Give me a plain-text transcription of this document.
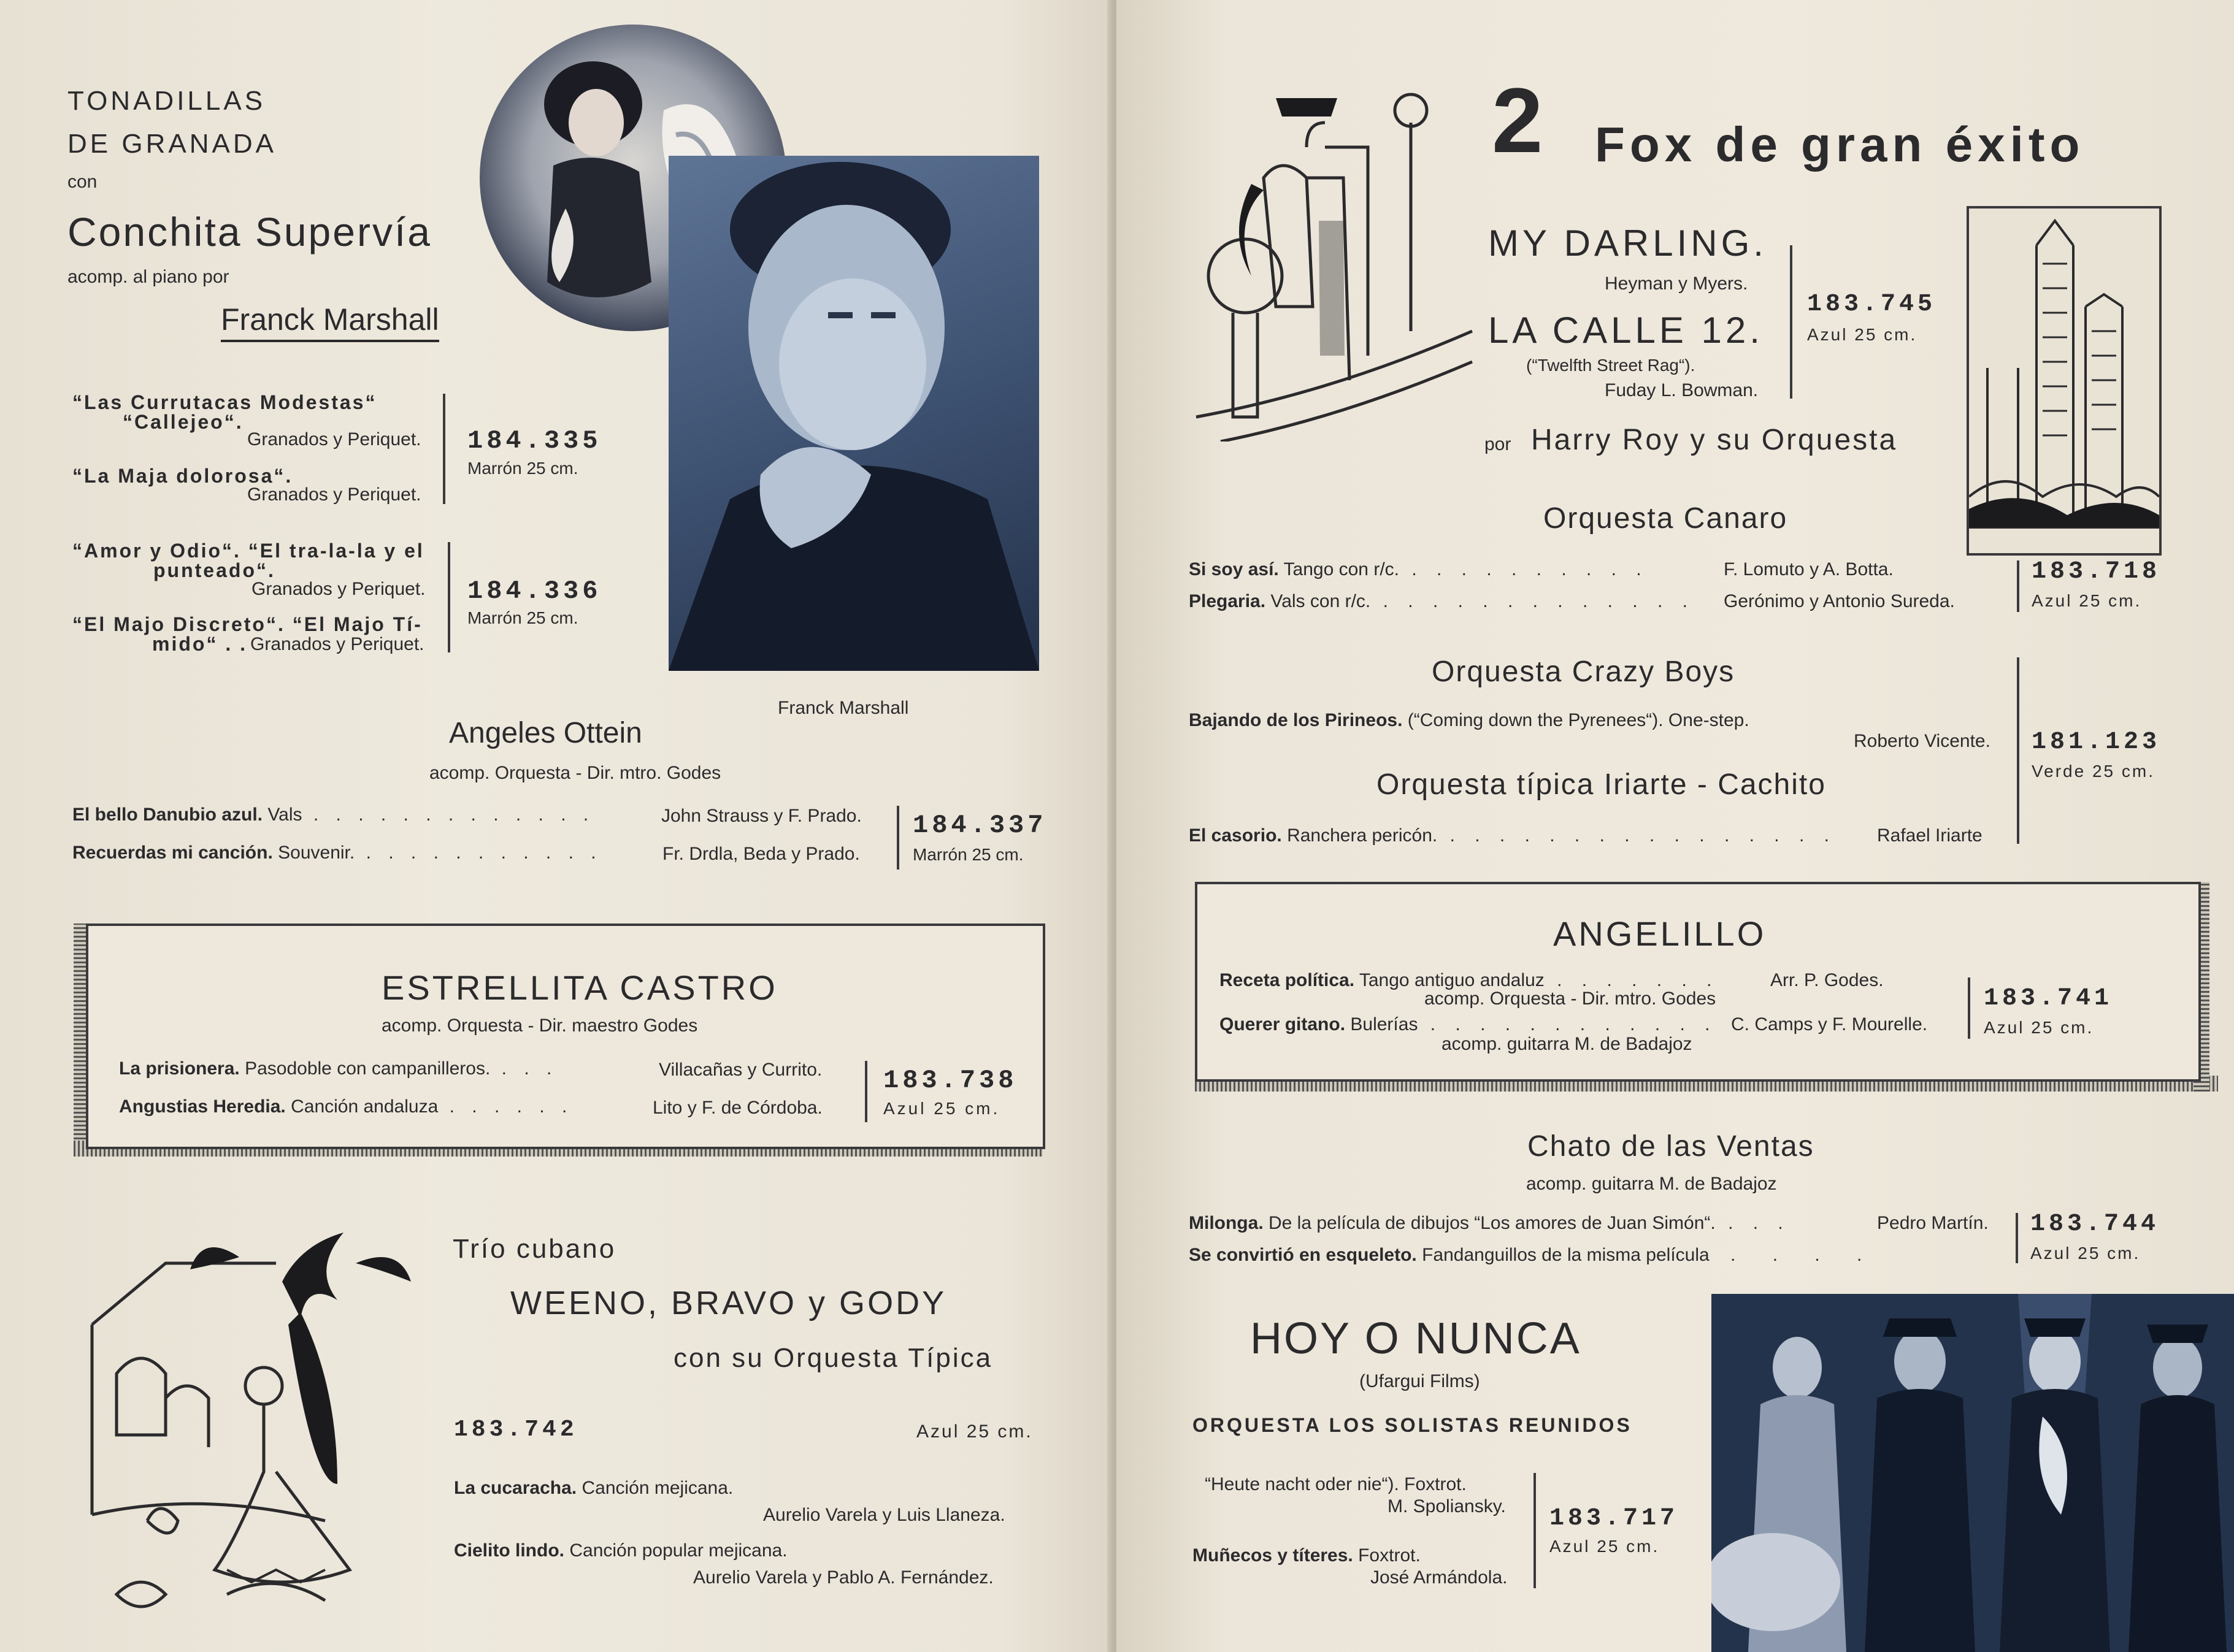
TONADILLAS
DE GRANADA
con
Conchita Supervía
acomp. al piano por
Franck Marshall
“Las Currutacas Modestas“
“Callejeo“.
Granados y Periquet.
“La Maja dolorosa“.
Granados y Periquet.
184.335
Marrón 25 cm.
“Amor y Odio“. “El tra-la-la y el
punteado“.
Granados y Periquet.
“El Majo Discreto“. “El Majo Tí-
mido“ . . Granados y Periquet.
184.336
Marrón 25 cm.
Franck Marshall
Angeles Ottein
acomp. Orquesta - Dir. mtro. Godes
El bello Danubio azul. Vals . . . . . . . . . . . . .	John Strauss y F. Prado.
Recuerdas mi canción. Souvenir. . . . . . . . . . . .	Fr. Drdla, Beda y Prado.
184.337
Marrón 25 cm.
ESTRELLITA CASTRO
acomp. Orquesta - Dir. maestro Godes
La prisionera. Pasodoble con campanilleros. . . .	Villacañas y Currito.
Angustias Heredia. Canción andaluza . . . . . .	Lito y F. de Córdoba.
183.738
Azul 25 cm.
Trío cubano
WEENO, BRAVO y GODY
con su Orquesta Típica
183.742	Azul 25 cm.
La cucaracha. Canción mejicana.
Aurelio Varela y Luis Llaneza.
Cielito lindo. Canción popular mejicana.
Aurelio Varela y Pablo A. Fernández.
2 Fox de gran éxito
MY DARLING.
Heyman y Myers.
LA CALLE 12.
(“Twelfth Street Rag“).
Fuday L. Bowman.
183.745
Azul 25 cm.
por Harry Roy y su Orquesta
Orquesta Canaro
Si soy así. Tango con r/c. . . . . . . . . . .	F. Lomuto y A. Botta.
Plegaria. Vals con r/c. . . . . . . . . . . . . . Gerónimo y Antonio Sureda.
183.718
Azul 25 cm.
Orquesta Crazy Boys
Bajando de los Pirineos. (“Coming down the Pyrenees“). One-step.
Roberto Vicente.
Orquesta típica Iriarte - Cachito
El casorio. Ranchera pericón. . . . . . . . . . . . . . . . . Rafael Iriarte
181.123
Verde 25 cm.
ANGELILLO
Receta política. Tango antiguo andaluz . . . . . . .	Arr. P. Godes.
acomp. Orquesta - Dir. mtro. Godes
Querer gitano. Bulerías . . . . . . . . . . . . C. Camps y F. Mourelle.
acomp. guitarra M. de Badajoz
183.741
Azul 25 cm.
Chato de las Ventas
acomp. guitarra M. de Badajoz
Milonga. De la película de dibujos “Los amores de Juan Simón“. . . .	Pedro Martín.
Se convirtió en esqueleto. Fandanguillos de la misma película . . . .
183.744
Azul 25 cm.
HOY O NUNCA
(Ufargui Films)
ORQUESTA LOS SOLISTAS REUNIDOS
“Heute nacht oder nie“). Foxtrot.
M. Spoliansky.
Muñecos y títeres. Foxtrot.
José Armándola.
183.717
Azul 25 cm.
